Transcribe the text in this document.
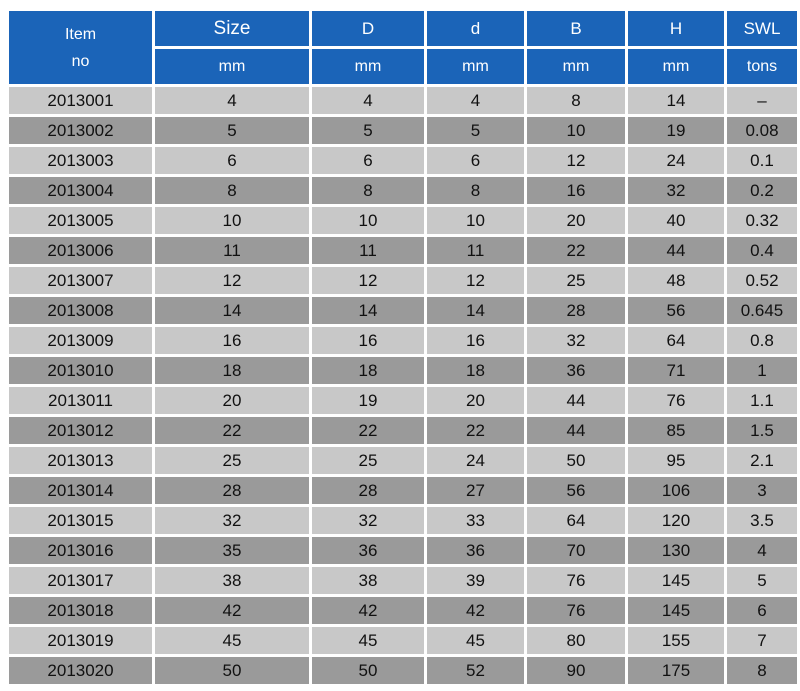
Item
no	Size	D	d	B	H	SWL
	mm	mm	mm	mm	mm	tons
2013001	4	4	4	8	14	–
2013002	5	5	5	10	19	0.08
2013003	6	6	6	12	24	0.1
2013004	8	8	8	16	32	0.2
2013005	10	10	10	20	40	0.32
2013006	11	11	11	22	44	0.4
2013007	12	12	12	25	48	0.52
2013008	14	14	14	28	56	0.645
2013009	16	16	16	32	64	0.8
2013010	18	18	18	36	71	1
2013011	20	19	20	44	76	1.1
2013012	22	22	22	44	85	1.5
2013013	25	25	24	50	95	2.1
2013014	28	28	27	56	106	3
2013015	32	32	33	64	120	3.5
2013016	35	36	36	70	130	4
2013017	38	38	39	76	145	5
2013018	42	42	42	76	145	6
2013019	45	45	45	80	155	7
2013020	50	50	52	90	175	8
